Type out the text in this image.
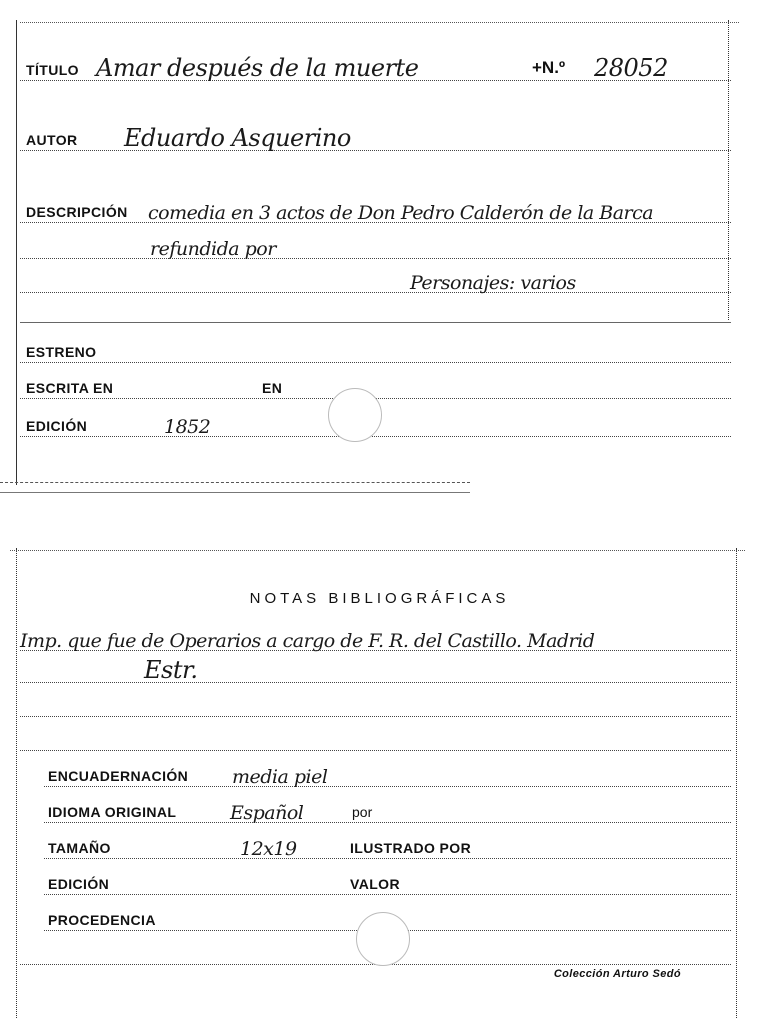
TÍTULO Amar después de la muerte	+N.º 28052
AUTOR Eduardo Asquerino
DESCRIPCIÓN comedia en 3 actos de Don Pedro Calderón de la Barca
refundida por
Personajes: varios
ESTRENO
ESCRITA EN	EN
EDICIÓN	1852
NOTAS BIBLIOGRÁFICAS
Imp. que fue de Operarios a cargo de F. R. del Castillo. Madrid
Estr.
ENCUADERNACIÓN media piel
IDIOMA ORIGINAL	Español	por
TAMAÑO	12x19	ILUSTRADO POR
EDICIÓN	VALOR
PROCEDENCIA
Colección Arturo Sedó
